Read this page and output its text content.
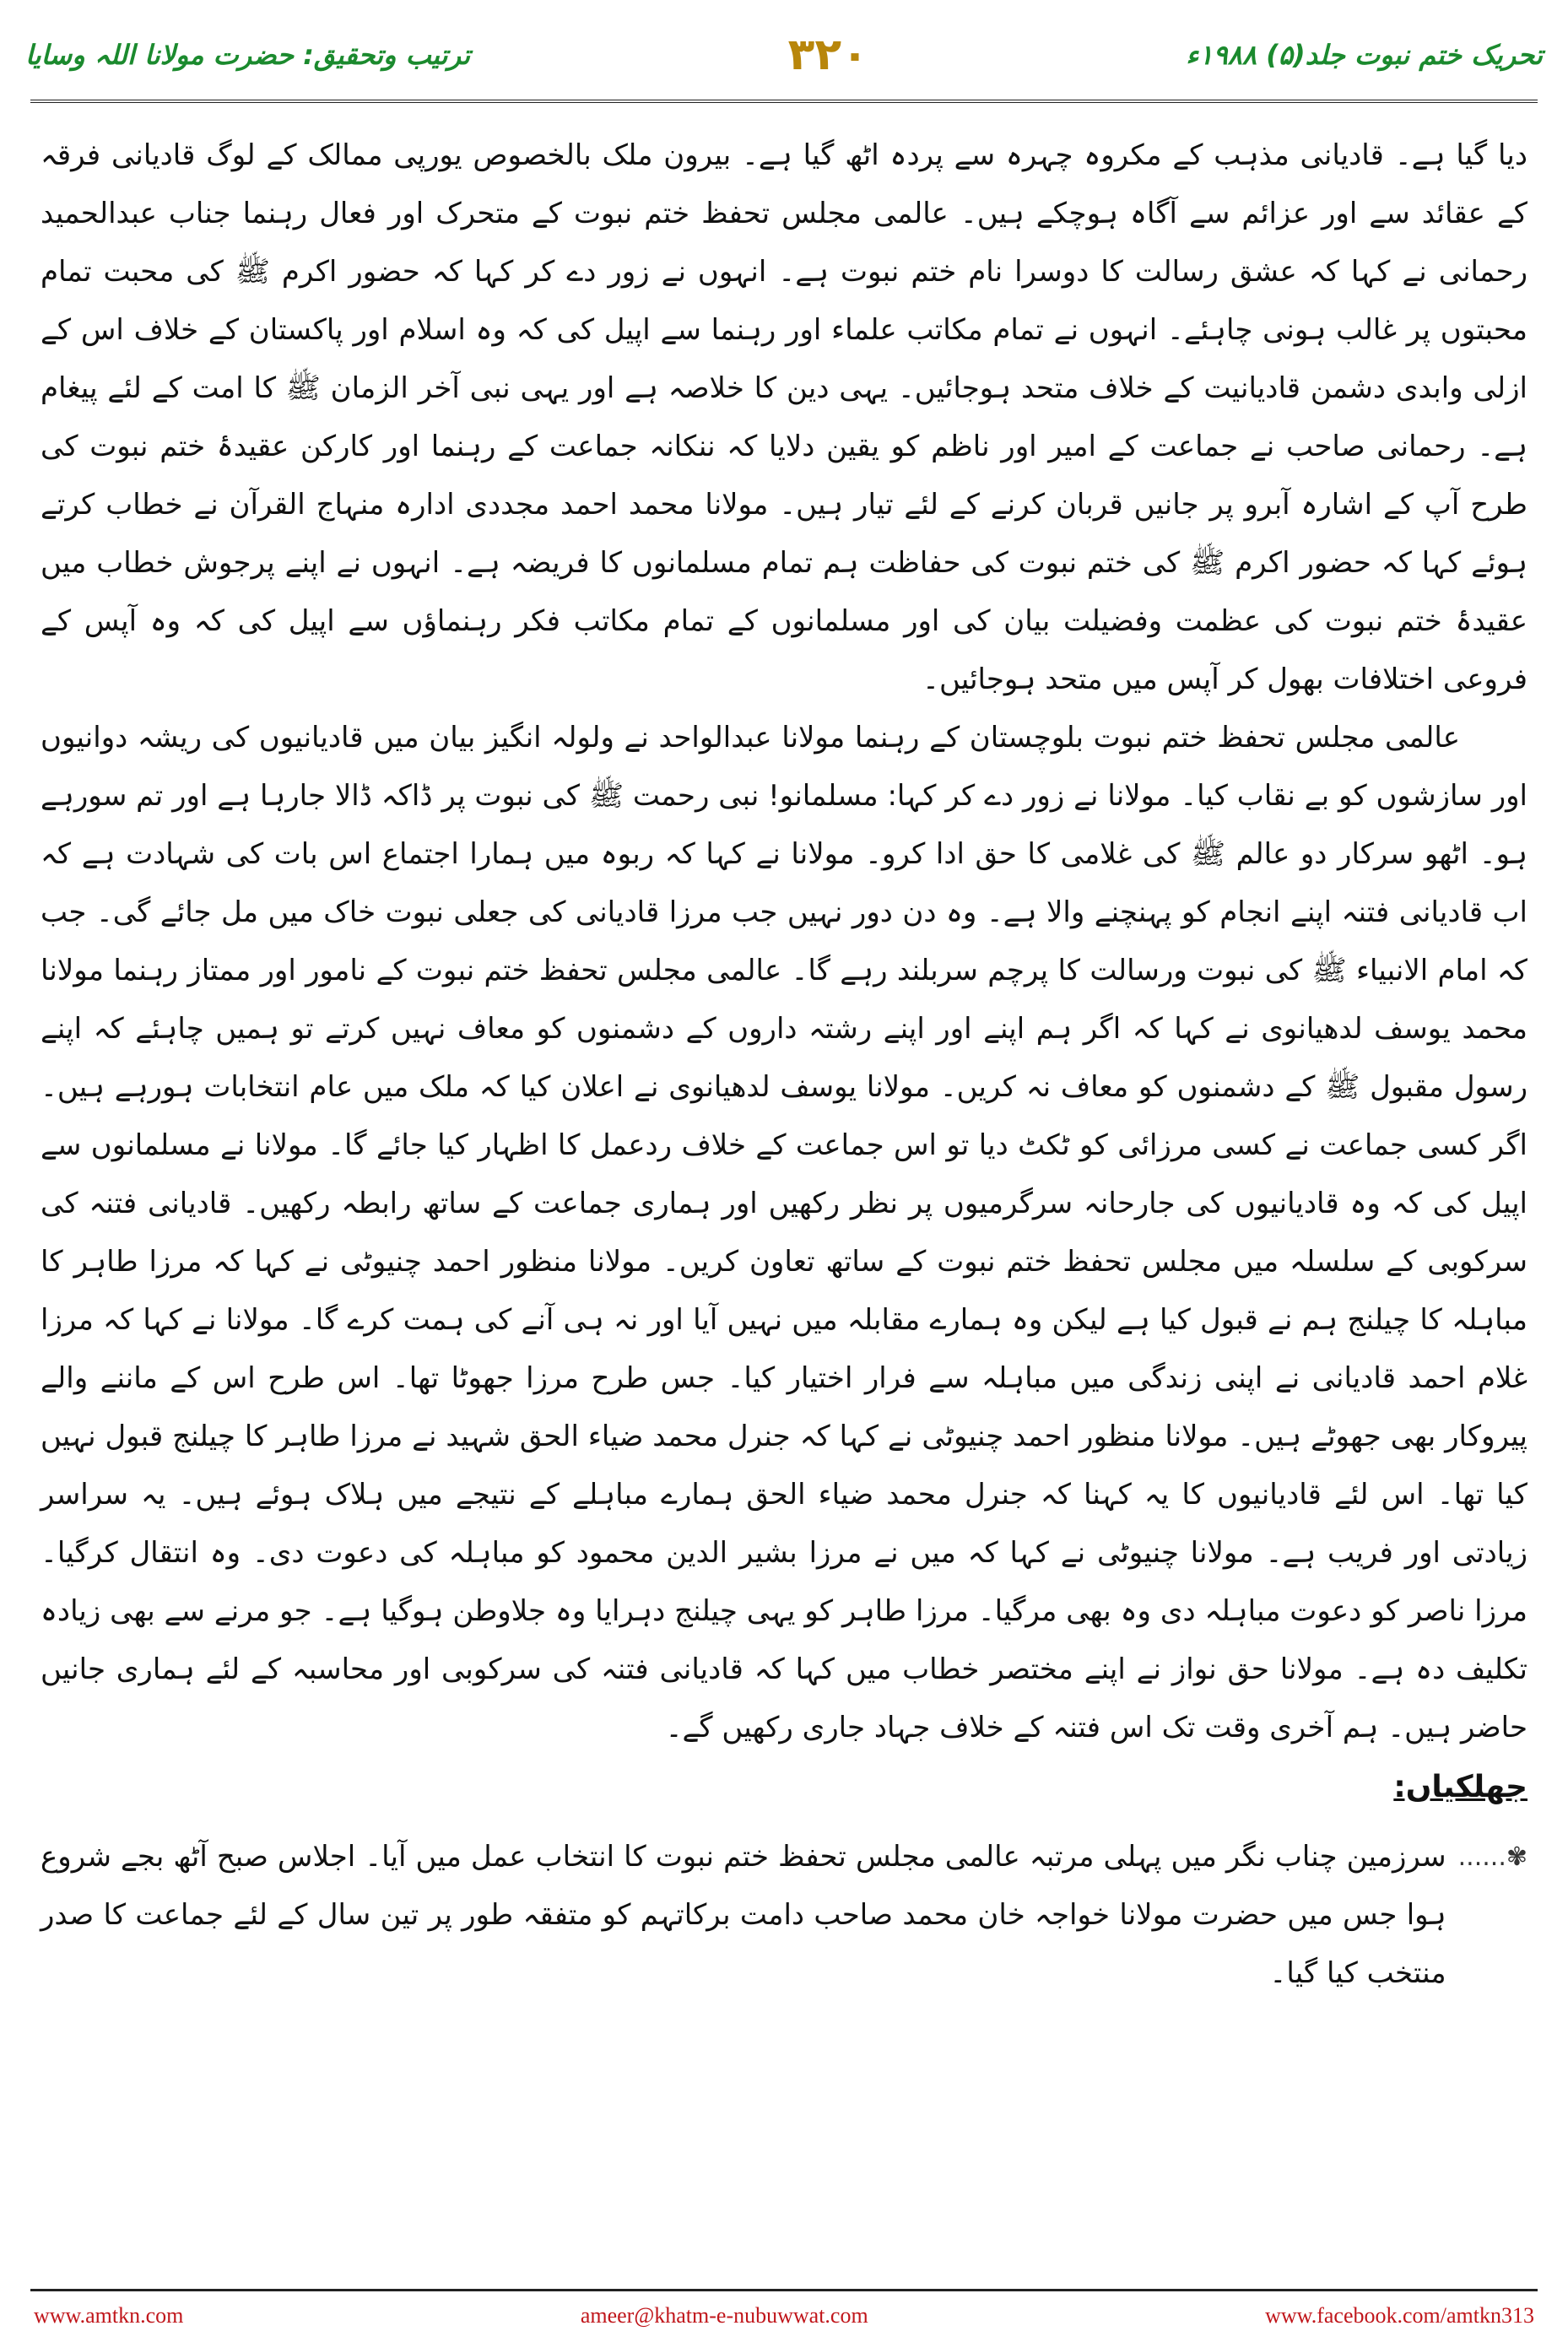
ترتیب وتحقیق: حضرت مولانا اللہ وسایا	۳۲۰	تحریک ختم نبوت جلد(۵) ۱۹۸۸ء

دیا گیا ہے۔ قادیانی مذہب کے مکروہ چہرہ سے پردہ اٹھ گیا ہے۔ بیرون ملک بالخصوص یورپی ممالک کے لوگ قادیانی فرقہ کے عقائد سے اور عزائم سے آگاہ ہوچکے ہیں۔ عالمی مجلس تحفظ ختم نبوت کے متحرک اور فعال رہنما جناب عبدالحمید رحمانی نے کہا کہ عشق رسالت کا دوسرا نام ختم نبوت ہے۔ انہوں نے زور دے کر کہا کہ حضور اکرم ﷺ کی محبت تمام محبتوں پر غالب ہونی چاہئے۔ انہوں نے تمام مکاتب علماء اور رہنما سے اپیل کی کہ وہ اسلام اور پاکستان کے خلاف اس کے ازلی وابدی دشمن قادیانیت کے خلاف متحد ہوجائیں۔ یہی دین کا خلاصہ ہے اور یہی نبی آخر الزمان ﷺ کا امت کے لئے پیغام ہے۔ رحمانی صاحب نے جماعت کے امیر اور ناظم کو یقین دلایا کہ ننکانہ جماعت کے رہنما اور کارکن عقیدۂ ختم نبوت کی طرح آپ کے اشارہ آبرو پر جانیں قربان کرنے کے لئے تیار ہیں۔ مولانا محمد احمد مجددی ادارہ منہاج القرآن نے خطاب کرتے ہوئے کہا کہ حضور اکرم ﷺ کی ختم نبوت کی حفاظت ہم تمام مسلمانوں کا فریضہ ہے۔ انہوں نے اپنے پرجوش خطاب میں عقیدۂ ختم نبوت کی عظمت وفضیلت بیان کی اور مسلمانوں کے تمام مکاتب فکر رہنماؤں سے اپیل کی کہ وہ آپس کے فروعی اختلافات بھول کر آپس میں متحد ہوجائیں۔

عالمی مجلس تحفظ ختم نبوت بلوچستان کے رہنما مولانا عبدالواحد نے ولولہ انگیز بیان میں قادیانیوں کی ریشہ دوانیوں اور سازشوں کو بے نقاب کیا۔ مولانا نے زور دے کر کہا: مسلمانو! نبی رحمت ﷺ کی نبوت پر ڈاکہ ڈالا جارہا ہے اور تم سورہے ہو۔ اٹھو سرکار دو عالم ﷺ کی غلامی کا حق ادا کرو۔ مولانا نے کہا کہ ربوہ میں ہمارا اجتماع اس بات کی شہادت ہے کہ اب قادیانی فتنہ اپنے انجام کو پہنچنے والا ہے۔ وہ دن دور نہیں جب مرزا قادیانی کی جعلی نبوت خاک میں مل جائے گی۔ جب کہ امام الانبیاء ﷺ کی نبوت ورسالت کا پرچم سربلند رہے گا۔ عالمی مجلس تحفظ ختم نبوت کے نامور اور ممتاز رہنما مولانا محمد یوسف لدھیانوی نے کہا کہ اگر ہم اپنے اور اپنے رشتہ داروں کے دشمنوں کو معاف نہیں کرتے تو ہمیں چاہئے کہ اپنے رسول مقبول ﷺ کے دشمنوں کو معاف نہ کریں۔ مولانا یوسف لدھیانوی نے اعلان کیا کہ ملک میں عام انتخابات ہورہے ہیں۔ اگر کسی جماعت نے کسی مرزائی کو ٹکٹ دیا تو اس جماعت کے خلاف ردعمل کا اظہار کیا جائے گا۔ مولانا نے مسلمانوں سے اپیل کی کہ وہ قادیانیوں کی جارحانہ سرگرمیوں پر نظر رکھیں اور ہماری جماعت کے ساتھ رابطہ رکھیں۔ قادیانی فتنہ کی سرکوبی کے سلسلہ میں مجلس تحفظ ختم نبوت کے ساتھ تعاون کریں۔ مولانا منظور احمد چنیوٹی نے کہا کہ مرزا طاہر کا مباہلہ کا چیلنج ہم نے قبول کیا ہے لیکن وہ ہمارے مقابلہ میں نہیں آیا اور نہ ہی آنے کی ہمت کرے گا۔ مولانا نے کہا کہ مرزا غلام احمد قادیانی نے اپنی زندگی میں مباہلہ سے فرار اختیار کیا۔ جس طرح مرزا جھوٹا تھا۔ اس طرح اس کے ماننے والے پیروکار بھی جھوٹے ہیں۔ مولانا منظور احمد چنیوٹی نے کہا کہ جنرل محمد ضیاء الحق شہید نے مرزا طاہر کا چیلنج قبول نہیں کیا تھا۔ اس لئے قادیانیوں کا یہ کہنا کہ جنرل محمد ضیاء الحق ہمارے مباہلے کے نتیجے میں ہلاک ہوئے ہیں۔ یہ سراسر زیادتی اور فریب ہے۔ مولانا چنیوٹی نے کہا کہ میں نے مرزا بشیر الدین محمود کو مباہلہ کی دعوت دی۔ وہ انتقال کرگیا۔ مرزا ناصر کو دعوت مباہلہ دی وہ بھی مرگیا۔ مرزا طاہر کو یہی چیلنج دہرایا وہ جلاوطن ہوگیا ہے۔ جو مرنے سے بھی زیادہ تکلیف دہ ہے۔ مولانا حق نواز نے اپنے مختصر خطاب میں کہا کہ قادیانی فتنہ کی سرکوبی اور محاسبہ کے لئے ہماری جانیں حاضر ہیں۔ ہم آخری وقت تک اس فتنہ کے خلاف جہاد جاری رکھیں گے۔

جھلکیاں:
✾......
سرزمین چناب نگر میں پہلی مرتبہ عالمی مجلس تحفظ ختم نبوت کا انتخاب عمل میں آیا۔ اجلاس صبح آٹھ بجے شروع ہوا جس میں حضرت مولانا خواجہ خان محمد صاحب دامت برکاتہم کو متفقہ طور پر تین سال کے لئے جماعت کا صدر منتخب کیا گیا۔
www.amtkn.com	ameer@khatm-e-nubuwwat.com	www.facebook.com/amtkn313
